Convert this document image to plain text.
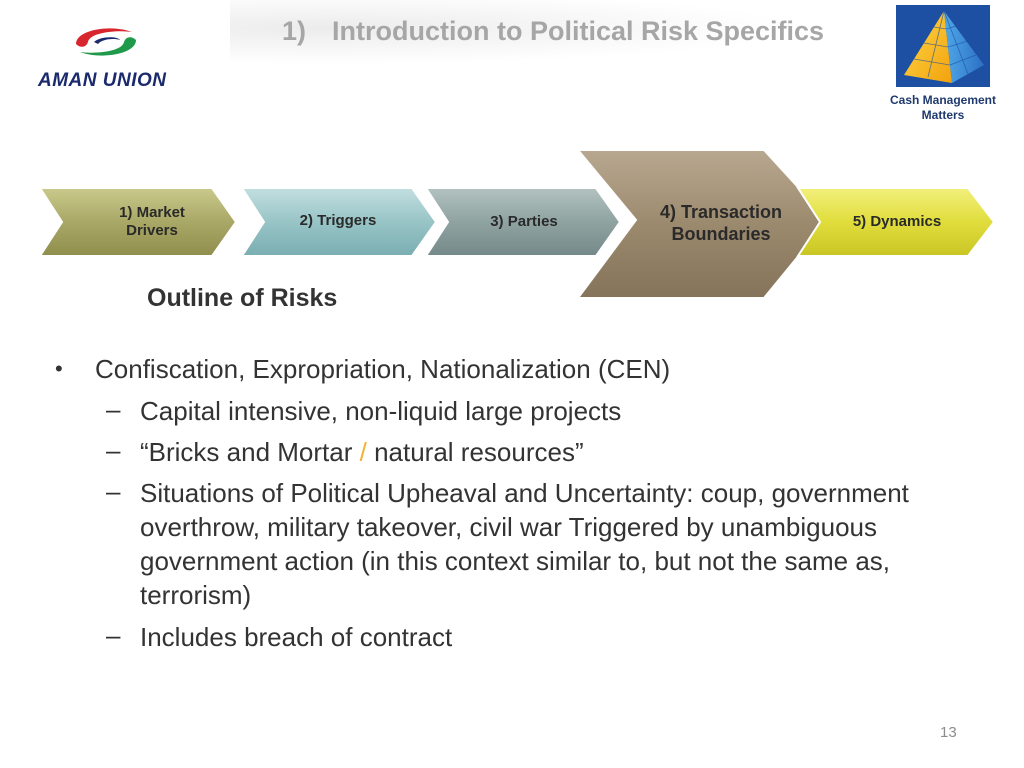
AMAN UNION
1) Introduction to Political Risk Specifics
Cash Management Matters
1) Market Drivers
2) Triggers	3) Parties	4) Transaction Boundaries
5) Dynamics
Outline of Risks
• Confiscation, Expropriation, Nationalization (CEN)
– Capital intensive, non-liquid large projects
– “Bricks and Mortar / natural resources”
– Situations of Political Upheaval and Uncertainty: coup, government overthrow, military takeover, civil war Triggered by unambiguous government action (in this context similar to, but not the same as, terrorism)
– Includes breach of contract
13
